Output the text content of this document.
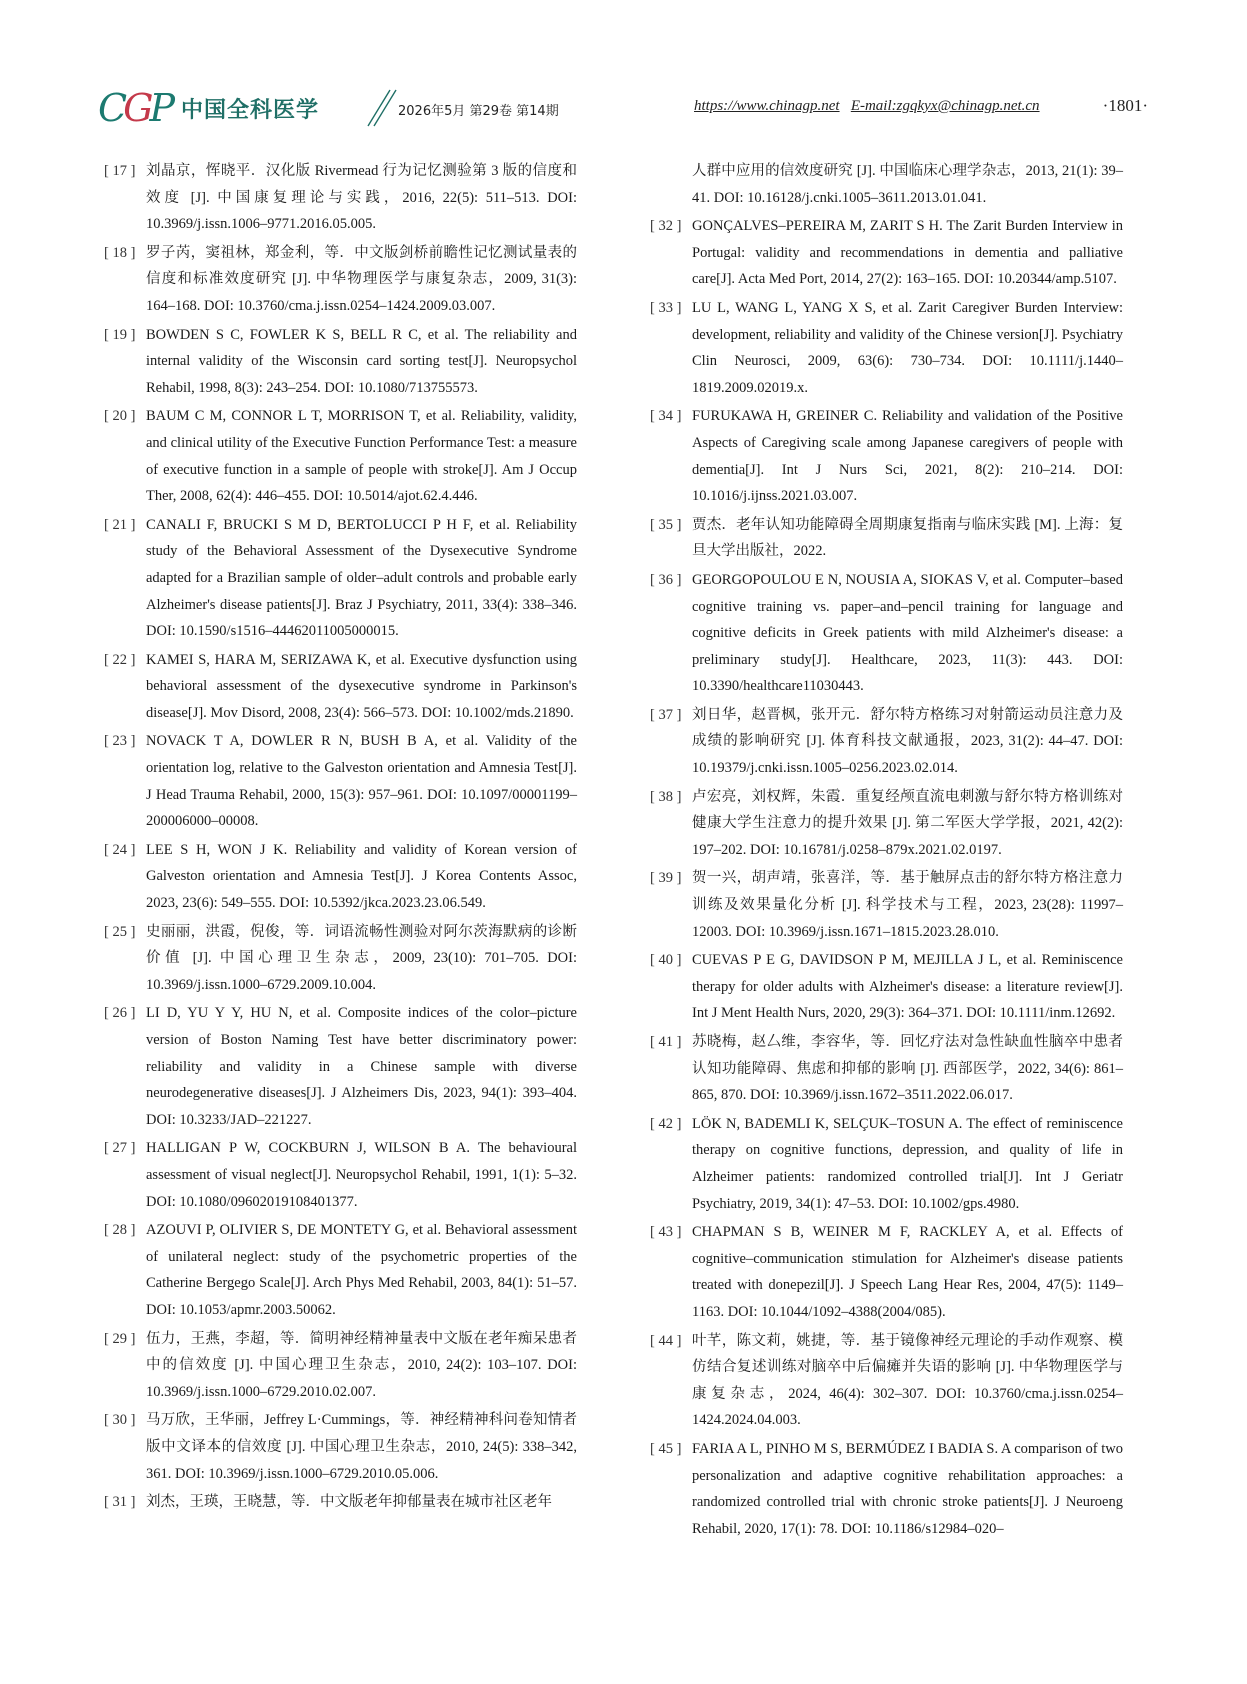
CGP 中国全科医学	2026年5月 第29卷 第14期	https://www.chinagp.net E-mail:zgqkyx@chinagp.net.cn	·1801·
[ 17 ] 刘晶京，恽晓平．汉化版 Rivermead 行为记忆测验第 3 版的信度和效度 [J]. 中国康复理论与实践，2016, 22(5): 511–513. DOI: 10.3969/j.issn.1006–9771.2016.05.005.
[ 18 ] 罗子芮，窦祖林，郑金利，等．中文版剑桥前瞻性记忆测试量表的信度和标准效度研究 [J]. 中华物理医学与康复杂志，2009, 31(3): 164–168. DOI: 10.3760/cma.j.issn.0254–1424.2009.03.007.
[ 19 ] BOWDEN S C, FOWLER K S, BELL R C, et al. The reliability and internal validity of the Wisconsin card sorting test[J]. Neuropsychol Rehabil, 1998, 8(3): 243–254. DOI: 10.1080/713755573.
[ 20 ] BAUM C M, CONNOR L T, MORRISON T, et al. Reliability, validity, and clinical utility of the Executive Function Performance Test: a measure of executive function in a sample of people with stroke[J]. Am J Occup Ther, 2008, 62(4): 446–455. DOI: 10.5014/ajot.62.4.446.
[ 21 ] CANALI F, BRUCKI S M D, BERTOLUCCI P H F, et al. Reliability study of the Behavioral Assessment of the Dysexecutive Syndrome adapted for a Brazilian sample of older–adult controls and probable early Alzheimer's disease patients[J]. Braz J Psychiatry, 2011, 33(4): 338–346. DOI: 10.1590/s1516–44462011005000015.
[ 22 ] KAMEI S, HARA M, SERIZAWA K, et al. Executive dysfunction using behavioral assessment of the dysexecutive syndrome in Parkinson's disease[J]. Mov Disord, 2008, 23(4): 566–573. DOI: 10.1002/mds.21890.
[ 23 ] NOVACK T A, DOWLER R N, BUSH B A, et al. Validity of the orientation log, relative to the Galveston orientation and Amnesia Test[J]. J Head Trauma Rehabil, 2000, 15(3): 957–961. DOI: 10.1097/00001199–200006000–00008.
[ 24 ] LEE S H, WON J K. Reliability and validity of Korean version of Galveston orientation and Amnesia Test[J]. J Korea Contents Assoc, 2023, 23(6): 549–555. DOI: 10.5392/jkca.2023.23.06.549.
[ 25 ] 史丽丽，洪霞，倪俊，等．词语流畅性测验对阿尔茨海默病的诊断价值 [J]. 中国心理卫生杂志，2009, 23(10): 701–705. DOI: 10.3969/j.issn.1000–6729.2009.10.004.
[ 26 ] LI D, YU Y Y, HU N, et al. Composite indices of the color–picture version of Boston Naming Test have better discriminatory power: reliability and validity in a Chinese sample with diverse neurodegenerative diseases[J]. J Alzheimers Dis, 2023, 94(1): 393–404. DOI: 10.3233/JAD–221227.
[ 27 ] HALLIGAN P W, COCKBURN J, WILSON B A. The behavioural assessment of visual neglect[J]. Neuropsychol Rehabil, 1991, 1(1): 5–32. DOI: 10.1080/09602019108401377.
[ 28 ] AZOUVI P, OLIVIER S, DE MONTETY G, et al. Behavioral assessment of unilateral neglect: study of the psychometric properties of the Catherine Bergego Scale[J]. Arch Phys Med Rehabil, 2003, 84(1): 51–57. DOI: 10.1053/apmr.2003.50062.
[ 29 ] 伍力，王燕，李超，等．简明神经精神量表中文版在老年痴呆患者中的信效度 [J]. 中国心理卫生杂志，2010, 24(2): 103–107. DOI: 10.3969/j.issn.1000–6729.2010.02.007.
[ 30 ] 马万欣，王华丽，Jeffrey L·Cummings，等．神经精神科问卷知情者版中文译本的信效度 [J]. 中国心理卫生杂志，2010, 24(5): 338–342, 361. DOI: 10.3969/j.issn.1000–6729.2010.05.006.
[ 31 ] 刘杰，王瑛，王晓慧，等．中文版老年抑郁量表在城市社区老年
人群中应用的信效度研究 [J]. 中国临床心理学杂志，2013, 21(1): 39–41. DOI: 10.16128/j.cnki.1005–3611.2013.01.041.
[ 32 ] GONÇALVES–PEREIRA M, ZARIT S H. The Zarit Burden Interview in Portugal: validity and recommendations in dementia and palliative care[J]. Acta Med Port, 2014, 27(2): 163–165. DOI: 10.20344/amp.5107.
[ 33 ] LU L, WANG L, YANG X S, et al. Zarit Caregiver Burden Interview: development, reliability and validity of the Chinese version[J]. Psychiatry Clin Neurosci, 2009, 63(6): 730–734. DOI: 10.1111/j.1440–1819.2009.02019.x.
[ 34 ] FURUKAWA H, GREINER C. Reliability and validation of the Positive Aspects of Caregiving scale among Japanese caregivers of people with dementia[J]. Int J Nurs Sci, 2021, 8(2): 210–214. DOI: 10.1016/j.ijnss.2021.03.007.
[ 35 ] 贾杰．老年认知功能障碍全周期康复指南与临床实践 [M]. 上海：复旦大学出版社，2022.
[ 36 ] GEORGOPOULOU E N, NOUSIA A, SIOKAS V, et al. Computer–based cognitive training vs. paper–and–pencil training for language and cognitive deficits in Greek patients with mild Alzheimer's disease: a preliminary study[J]. Healthcare, 2023, 11(3): 443. DOI: 10.3390/healthcare11030443.
[ 37 ] 刘日华，赵晋枫，张开元．舒尔特方格练习对射箭运动员注意力及成绩的影响研究 [J]. 体育科技文献通报，2023, 31(2): 44–47. DOI: 10.19379/j.cnki.issn.1005–0256.2023.02.014.
[ 38 ] 卢宏亮，刘权辉，朱霞．重复经颅直流电刺激与舒尔特方格训练对健康大学生注意力的提升效果 [J]. 第二军医大学学报，2021, 42(2): 197–202. DOI: 10.16781/j.0258–879x.2021.02.0197.
[ 39 ] 贺一兴，胡声靖，张喜洋，等．基于触屏点击的舒尔特方格注意力训练及效果量化分析 [J]. 科学技术与工程，2023, 23(28): 11997–12003. DOI: 10.3969/j.issn.1671–1815.2023.28.010.
[ 40 ] CUEVAS P E G, DAVIDSON P M, MEJILLA J L, et al. Reminiscence therapy for older adults with Alzheimer's disease: a literature review[J]. Int J Ment Health Nurs, 2020, 29(3): 364–371. DOI: 10.1111/inm.12692.
[ 41 ] 苏晓梅，赵厶维，李容华，等．回忆疗法对急性缺血性脑卒中患者认知功能障碍、焦虑和抑郁的影响 [J]. 西部医学，2022, 34(6): 861–865, 870. DOI: 10.3969/j.issn.1672–3511.2022.06.017.
[ 42 ] LÖK N, BADEMLI K, SELÇUK–TOSUN A. The effect of reminiscence therapy on cognitive functions, depression, and quality of life in Alzheimer patients: randomized controlled trial[J]. Int J Geriatr Psychiatry, 2019, 34(1): 47–53. DOI: 10.1002/gps.4980.
[ 43 ] CHAPMAN S B, WEINER M F, RACKLEY A, et al. Effects of cognitive–communication stimulation for Alzheimer's disease patients treated with donepezil[J]. J Speech Lang Hear Res, 2004, 47(5): 1149–1163. DOI: 10.1044/1092–4388(2004/085).
[ 44 ] 叶芊，陈文莉，姚捷，等．基于镜像神经元理论的手动作观察、模仿结合复述训练对脑卒中后偏瘫并失语的影响 [J]. 中华物理医学与康复杂志，2024, 46(4): 302–307. DOI: 10.3760/cma.j.issn.0254–1424.2024.04.003.
[ 45 ] FARIA A L, PINHO M S, BERMÚDEZ I BADIA S. A comparison of two personalization and adaptive cognitive rehabilitation approaches: a randomized controlled trial with chronic stroke patients[J]. J Neuroeng Rehabil, 2020, 17(1): 78. DOI: 10.1186/s12984–020–
